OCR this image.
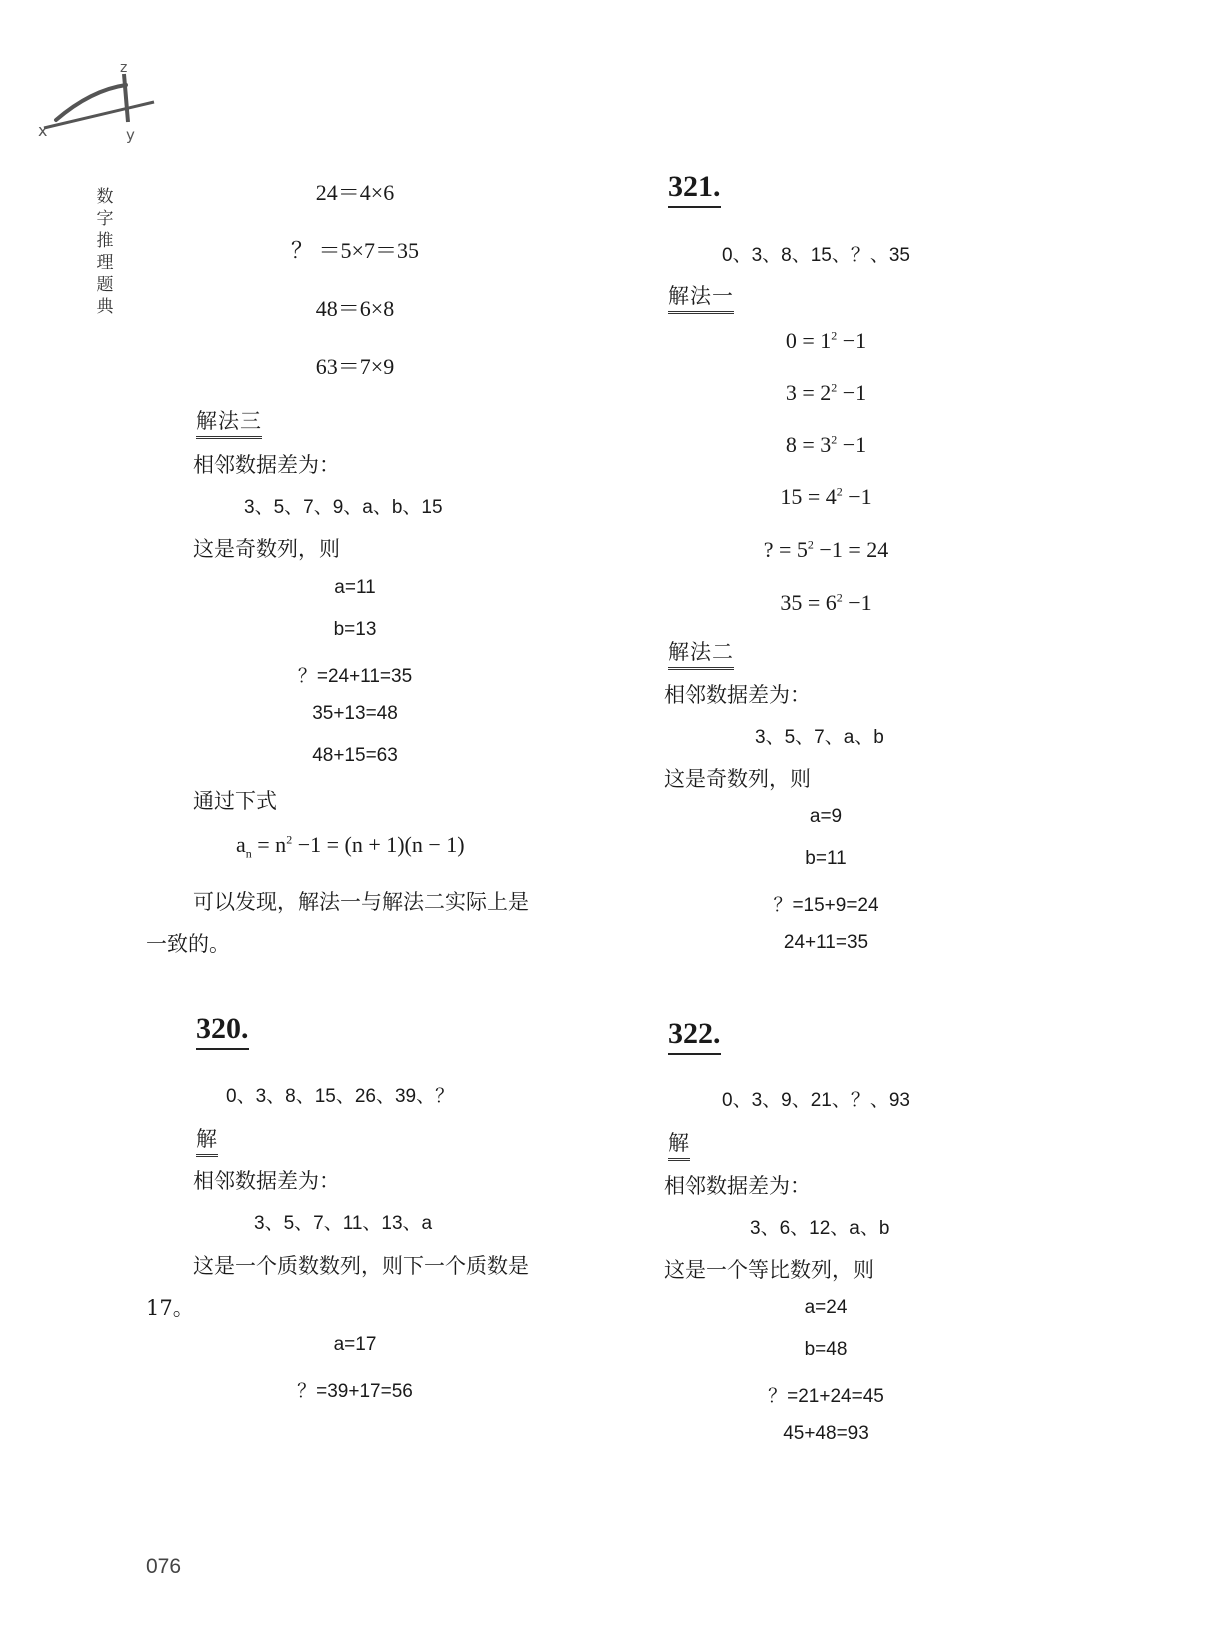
x
z
y
数
字
推
理
题
典
24＝4×6
？ ＝5×7＝35
48＝6×8
63＝7×9
解法三
相邻数据差为：
3、5、7、9、a、b、15
这是奇数列，则
a=11
b=13
？=24+11=35
35+13=48
48+15=63
通过下式
$a_n = n^2 -1 = (n + 1)(n - 1)$
可以发现，解法一与解法二实际上是
一致的。
320.
0、3、8、15、26、39、？
解
相邻数据差为：
3、5、7、11、13、a
这是一个质数数列，则下一个质数是
17。
a=17
？=39+17=56
321.
0、3、8、15、？、35
解法一
$0 = 1^2 -1$
$3 = 2^2 -1$
$8 = 3^2 -1$
$15 = 4^2 -1$
? = $5^2 -1 = 24$
$35 = 6^2 -1$
解法二
相邻数据差为：
3、5、7、a、b
这是奇数列，则
a=9
b=11
？=15+9=24
24+11=35
322.
0、3、9、21、？、93
解
相邻数据差为：
3、6、12、a、b
这是一个等比数列，则
a=24
b=48
？=21+24=45
45+48=93
076
